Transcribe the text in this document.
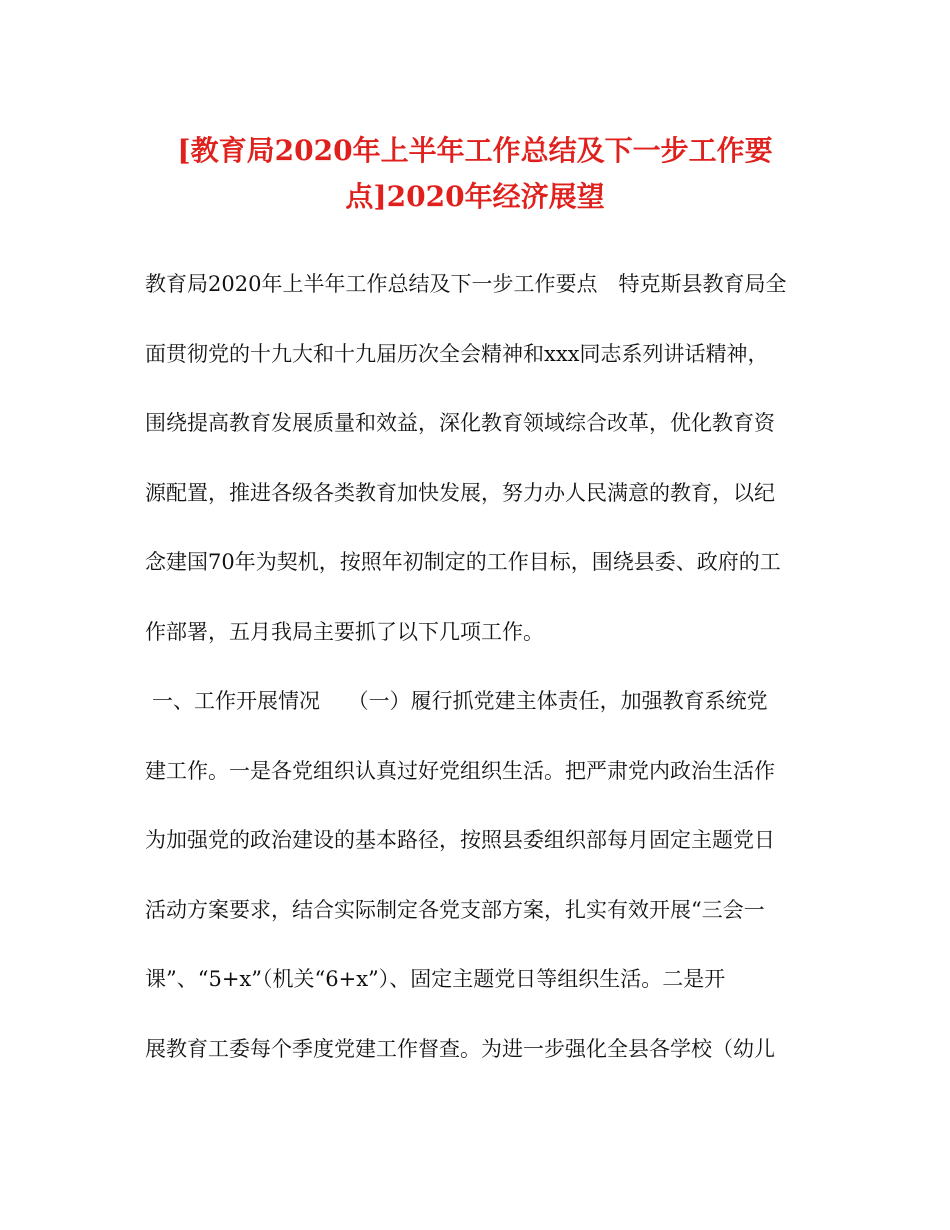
[教育局2020年上半年工作总结及下一步工作要
点]2020年经济展望
教育局2020年上半年工作总结及下一步工作要点　特克斯县教育局全
面贯彻党的十九大和十九届历次全会精神和xxx同志系列讲话精神，
围绕提高教育发展质量和效益，深化教育领域综合改革，优化教育资
源配置，推进各级各类教育加快发展，努力办人民满意的教育，以纪
念建国70年为契机，按照年初制定的工作目标，围绕县委、政府的工
作部署，五月我局主要抓了以下几项工作。
一、工作开展情况　 （一）履行抓党建主体责任，加强教育系统党
建工作。一是各党组织认真过好党组织生活。把严肃党内政治生活作
为加强党的政治建设的基本路径，按照县委组织部每月固定主题党日
活动方案要求，结合实际制定各党支部方案，扎实有效开展“三会一
课”、“5+x”（机关“6+x”）、固定主题党日等组织生活。二是开
展教育工委每个季度党建工作督查。为进一步强化全县各学校（幼儿
